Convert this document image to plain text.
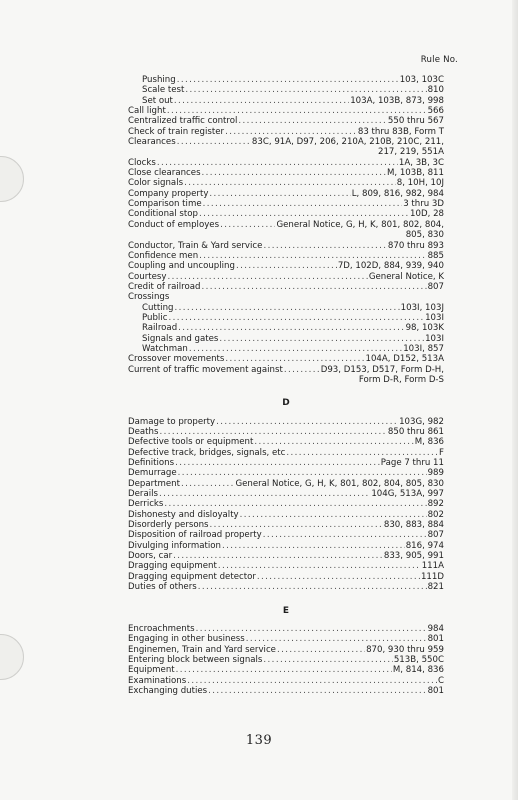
Rule No.
Pushing .....	103, 103C
Scale test .....	810
Set out .....	103A, 103B, 873, 998
Call light .....	566
Centralized traffic control .....	550 thru 567
Check of train register .....	83 thru 83B, Form T
Clearances .....	83C, 91A, D97, 206, 210A, 210B, 210C, 211,
217, 219, 551A
Clocks .....	1A, 3B, 3C
Close clearances .....	M, 103B, 811
Color signals .....	8, 10H, 10J
Company property .....	L, 809, 816, 982, 984
Comparison time .....	3 thru 3D
Conditional stop .....	10D, 28
Conduct of employes .....	General Notice, G, H, K, 801, 802, 804,
805, 830
Conductor, Train & Yard service .....	870 thru 893
Confidence men .....	885
Coupling and uncoupling .....	7D, 102D, 884, 939, 940
Courtesy .....	General Notice, K
Credit of railroad .....	807
Crossings
Cutting .....	103I, 103J
Public .....	103I
Railroad .....	98, 103K
Signals and gates .....	103I
Watchman .....	103I, 857
Crossover movements .....	104A, D152, 513A
Current of traffic movement against .....	D93, D153, D517, Form D-H,
Form D-R, Form D-S
D
Damage to property .....	103G, 982
Deaths .....	850 thru 861
Defective tools or equipment .....	M, 836
Defective track, bridges, signals, etc .....	F
Definitions .....	Page 7 thru 11
Demurrage .....	989
Department .....	General Notice, G, H, K, 801, 802, 804, 805, 830
Derails .....	104G, 513A, 997
Derricks .....	892
Dishonesty and disloyalty .....	802
Disorderly persons .....	830, 883, 884
Disposition of railroad property .....	807
Divulging information .....	816, 974
Doors, car .....	833, 905, 991
Dragging equipment .....	111A
Dragging equipment detector .....	111D
Duties of others .....	821
E
Encroachments .....	984
Engaging in other business .....	801
Enginemen, Train and Yard service .....	870, 930 thru 959
Entering block between signals .....	513B, 550C
Equipment .....	M, 814, 836
Examinations .....	C
Exchanging duties .....	801
139
